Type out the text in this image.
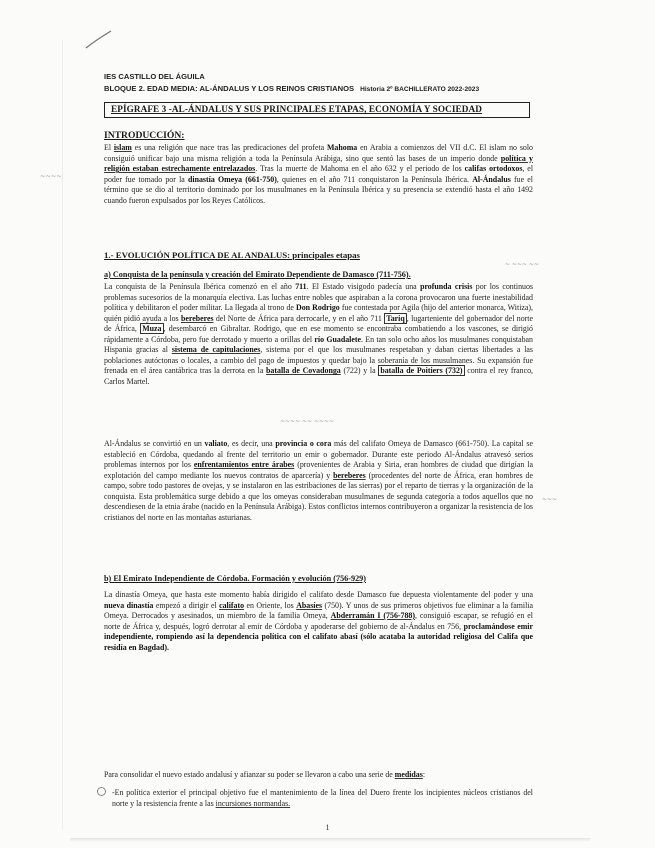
IES CASTILLO DEL ÁGUILA
BLOQUE 2. EDAD MEDIA: AL-ÁNDALUS Y LOS REINOS CRISTIANOS Historia 2º BACHILLERATO 2022-2023
EPÍGRAFE 3 -AL-ÁNDALUS Y SUS PRINCIPALES ETAPAS, ECONOMÍA Y SOCIEDAD
INTRODUCCIÓN:
El islam es una religión que nace tras las predicaciones del profeta Mahoma en Arabia a comienzos del VII d.C. El islam no solo consiguió unificar bajo una misma religión a toda la Península Arábiga, sino que sentó las bases de un imperio donde política y religión estaban estrechamente entrelazados. Tras la muerte de Mahoma en el año 632 y el periodo de los califas ortodoxos, el poder fue tomado por la dinastía Omeya (661-750), quienes en el año 711 conquistaron la Península Ibérica. Al-Ándalus fue el término que se dio al territorio dominado por los musulmanes en la Península Ibérica y su presencia se extendió hasta el año 1492 cuando fueron expulsados por los Reyes Católicos.
1.- EVOLUCIÓN POLÍTICA DE AL ANDALUS: principales etapas
a) Conquista de la península y creación del Emirato Dependiente de Damasco (711-756).
La conquista de la Península Ibérica comenzó en el año 711. El Estado visigodo padecía una profunda crisis por los continuos problemas sucesorios de la monarquía electiva. Las luchas entre nobles que aspiraban a la corona provocaron una fuerte inestabilidad política y debilitaron el poder militar. La llegada al trono de Don Rodrigo fue contestada por Agila (hijo del anterior monarca, Witiza), quién pidió ayuda a los bereberes del Norte de África para derrocarle, y en el año 711 Tariq , lugarteniente del gobernador del norte de África, Muza , desembarcó en Gibraltar. Rodrigo, que en ese momento se encontraba combatiendo a los vascones, se dirigió rápidamente a Córdoba, pero fue derrotado y muerto a orillas del río Guadalete. En tan solo ocho años los musulmanes conquistaban Hispania gracias al sistema de capitulaciones, sistema por el que los musulmanes respetaban y daban ciertas libertades a las poblaciones autóctonas o locales, a cambio del pago de impuestos y quedar bajo la soberanía de los musulmanes. Su expansión fue frenada en el área cantábrica tras la derrota en la batalla de Covadonga (722) y la batalla de Poitiers (732) contra el rey franco, Carlos Martel.
Al-Ándalus se convirtió en un valiato, es decir, una provincia o cora más del califato Omeya de Damasco (661-750). La capital se estableció en Córdoba, quedando al frente del territorio un emir o gobernador. Durante este periodo Al-Ándalus atravesó serios problemas internos por los enfrentamientos entre árabes (provenientes de Arabia y Siria, eran hombres de ciudad que dirigían la explotación del campo mediante los nuevos contratos de aparcería) y bereberes (procedentes del norte de África, eran hombres de campo, sobre todo pastores de ovejas, y se instalaron en las estribaciones de las sierras) por el reparto de tierras y la organización de la conquista. Esta problemática surge debido a que los omeyas consideraban musulmanes de segunda categoría a todos aquellos que no descendiesen de la etnia árabe (nacido en la Península Arábiga). Estos conflictos internos contribuyeron a organizar la resistencia de los cristianos del norte en las montañas asturianas.
b) El Emirato Independiente de Córdoba. Formación y evolución (756-929)
La dinastía Omeya, que hasta este momento había dirigido el califato desde Damasco fue depuesta violentamente del poder y una nueva dinastía empezó a dirigir el califato en Oriente, los Abasíes (750). Y unos de sus primeros objetivos fue eliminar a la familia Omeya. Derrocados y asesinados, un miembro de la familia Omeya, Abderramán I (756-788), consiguió escapar, se refugió en el norte de África y, después, logró derrotar al emir de Córdoba y apoderarse del gobierno de al-Ándalus en 756, proclamándose emir independiente, rompiendo así la dependencia política con el califato abasí (sólo acataba la autoridad religiosa del Califa que residía en Bagdad).
Para consolidar el nuevo estado andalusí y afianzar su poder se llevaron a cabo una serie de medidas:
-En política exterior el principal objetivo fue el mantenimiento de la línea del Duero frente los incipientes núcleos cristianos del norte y la resistencia frente a las incursiones normandas.
1
~~~~
~ ~~~ ~~
~~~
~~~~ ~~ ~~~~
